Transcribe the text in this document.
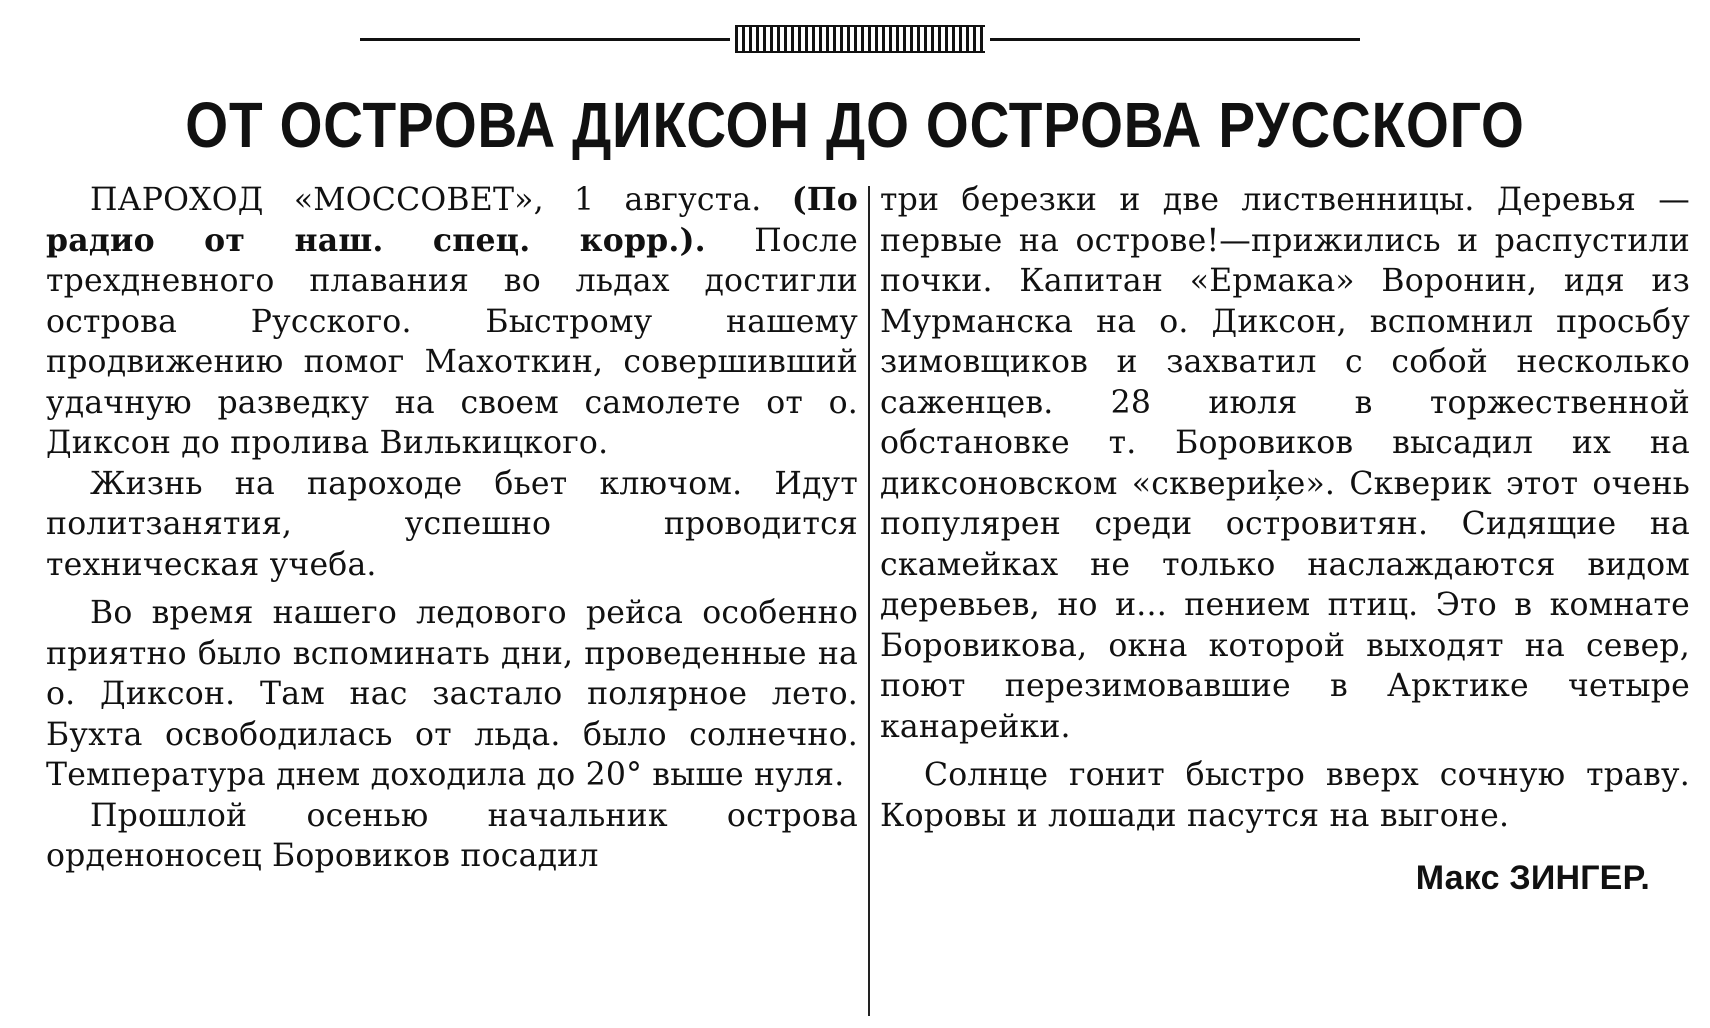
ОТ ОСТРОВА ДИКСОН ДО ОСТРОВА РУССКОГО

ПАРОХОД «МОССОВЕТ», 1 августа. (По радио от наш. спец. корр.). После трехдневного плавания во льдах достигли острова Русского. Быстрому нашему продвижению помог Махоткин, совершивший удачную разведку на своем самолете от о. Диксон до пролива Вилькицкого.

Жизнь на пароходе бьет ключом. Идут политзанятия, успешно проводится техническая учеба.

Во время нашего ледового рейса особенно приятно было вспоминать дни, проведенные на о. Диксон. Там нас застало полярное лето. Бухта освободилась от льда. было солнечно. Температура днем доходила до 20° выше нуля.

Прошлой осенью начальник острова орденоносец Боровиков посадил

три березки и две лиственницы. Деревья — первые на острове!—прижились и распустили почки. Капитан «Ермака» Воронин, идя из Мурманска на о. Диксон, вспомнил просьбу зимовщиков и захватил с собой несколько саженцев. 28 июля в торжественной обстановке т. Боровиков высадил их на диксоновском «сквериķе». Скверик этот очень популярен среди островитян. Сидящие на скамейках не только наслаждаются видом деревьев, но и... пением птиц. Это в комнате Боровикова, окна которой выходят на север, поют перезимовавшие в Арктике четыре канарейки.

Солнце гонит быстро вверх сочную траву. Коровы и лошади пасутся на выгоне.

Макс ЗИНГЕР.
